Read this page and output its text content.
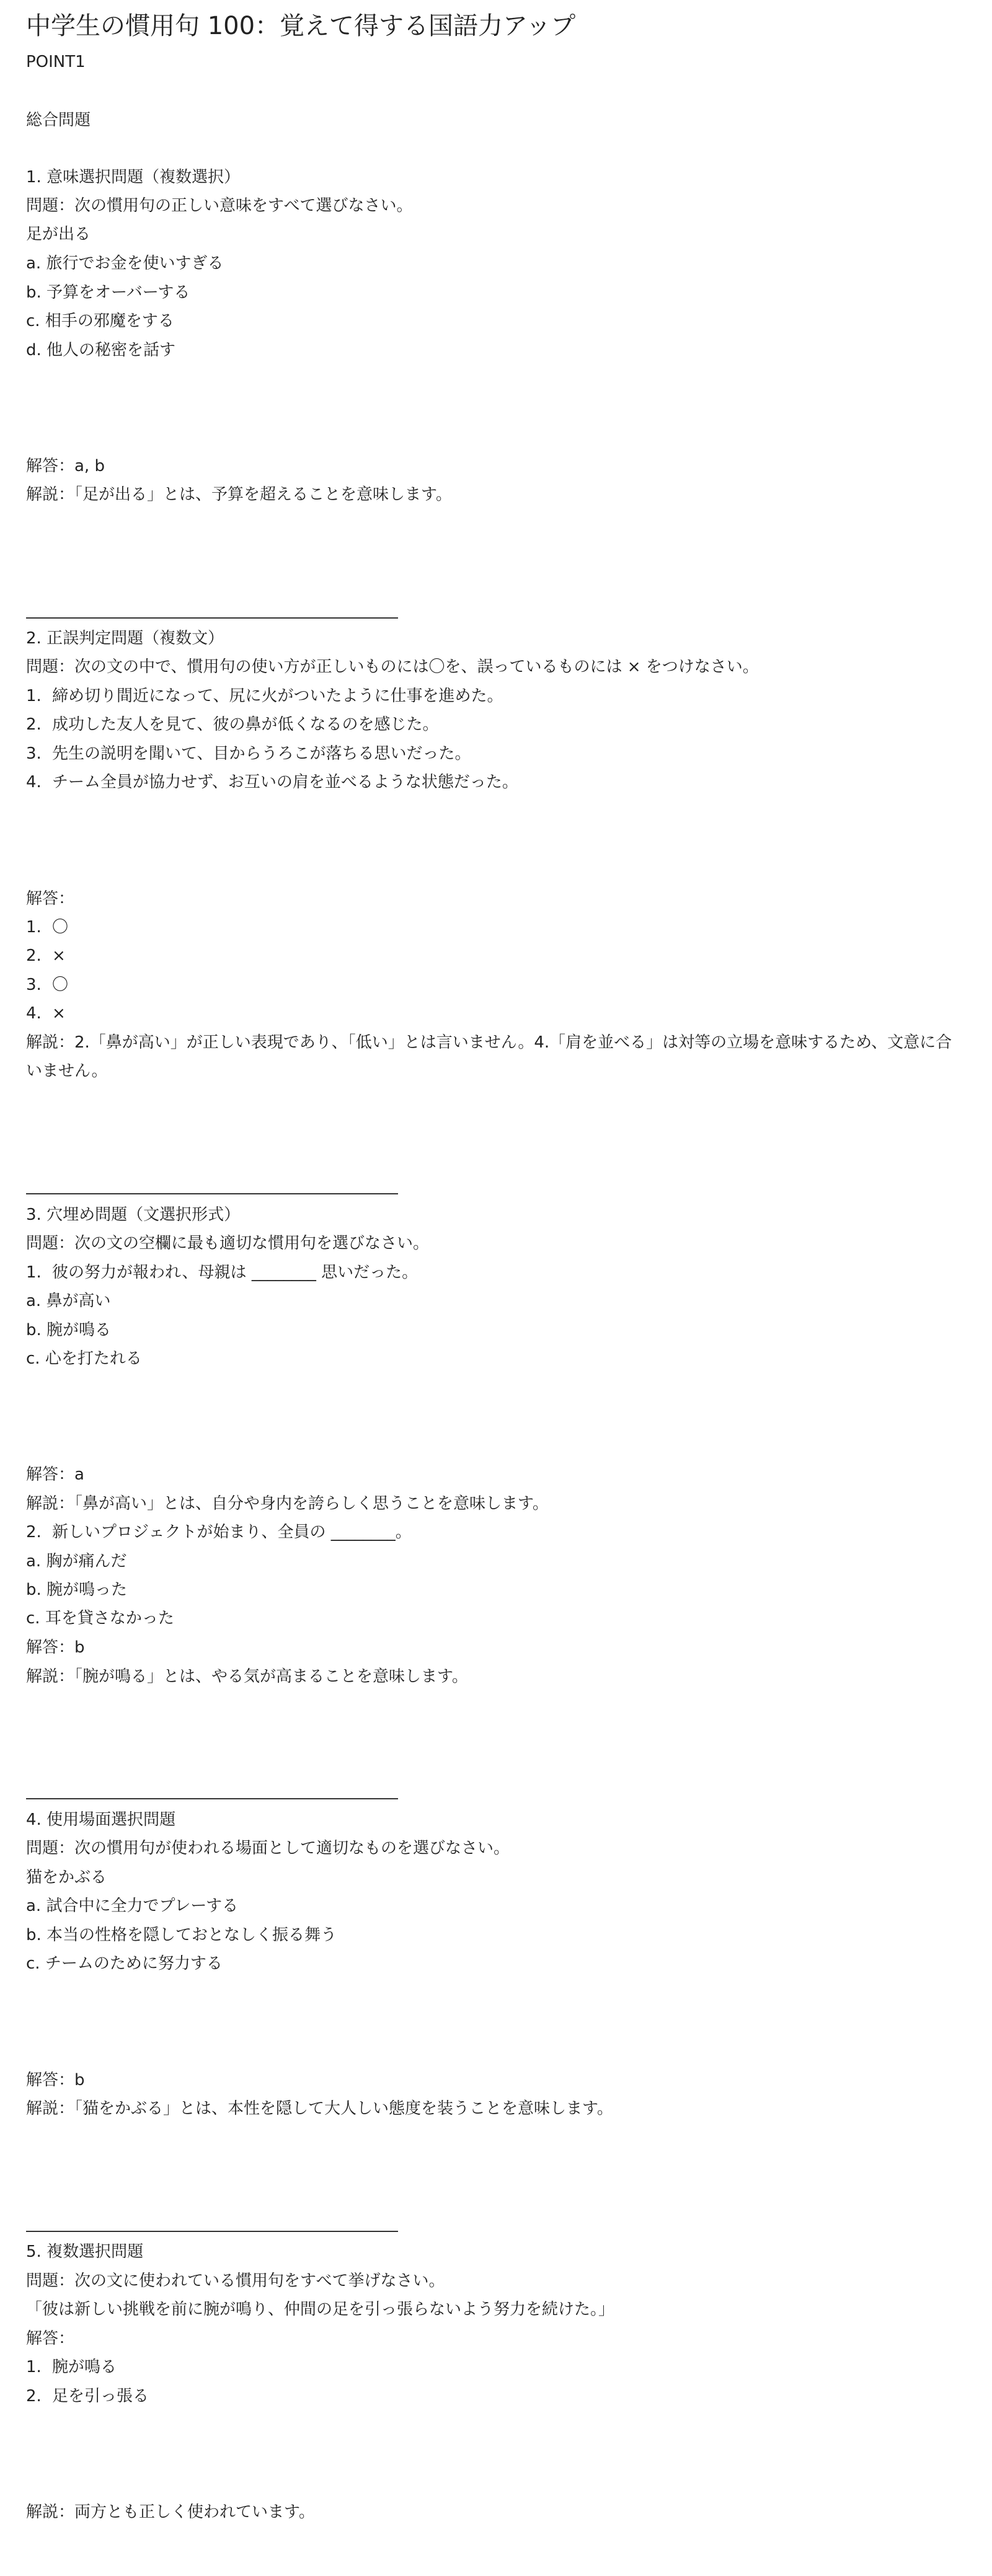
中学生の慣用句 100：覚えて得する国語力アップ
POINT1
総合問題
1. 意味選択問題（複数選択）
問題：次の慣用句の正しい意味をすべて選びなさい。
足が出る
a. 旅行でお金を使いすぎる
b. 予算をオーバーする
c. 相手の邪魔をする
d. 他人の秘密を話す
解答：a, b
解説：「足が出る」とは、予算を超えることを意味します。
2. 正誤判定問題（複数文）
問題：次の文の中で、慣用句の使い方が正しいものには〇を、誤っているものには × をつけなさい。
1. 締め切り間近になって、尻に火がついたように仕事を進めた。
2. 成功した友人を見て、彼の鼻が低くなるのを感じた。
3. 先生の説明を聞いて、目からうろこが落ちる思いだった。
4. チーム全員が協力せず、お互いの肩を並べるような状態だった。
解答：
1. 〇
2. ×
3. 〇
4. ×
解説：2.「鼻が高い」が正しい表現であり、「低い」とは言いません。4.「肩を並べる」は対等の立場を意味するため、文意に合いません。
3. 穴埋め問題（文選択形式）
問題：次の文の空欄に最も適切な慣用句を選びなさい。
1. 彼の努力が報われ、母親は ________ 思いだった。
a. 鼻が高い
b. 腕が鳴る
c. 心を打たれる
解答：a
解説：「鼻が高い」とは、自分や身内を誇らしく思うことを意味します。
2. 新しいプロジェクトが始まり、全員の ________。
a. 胸が痛んだ
b. 腕が鳴った
c. 耳を貸さなかった
解答：b
解説：「腕が鳴る」とは、やる気が高まることを意味します。
4. 使用場面選択問題
問題：次の慣用句が使われる場面として適切なものを選びなさい。
猫をかぶる
a. 試合中に全力でプレーする
b. 本当の性格を隠しておとなしく振る舞う
c. チームのために努力する
解答：b
解説：「猫をかぶる」とは、本性を隠して大人しい態度を装うことを意味します。
5. 複数選択問題
問題：次の文に使われている慣用句をすべて挙げなさい。
「彼は新しい挑戦を前に腕が鳴り、仲間の足を引っ張らないよう努力を続けた。」
解答：
1. 腕が鳴る
2. 足を引っ張る
解説：両方とも正しく使われています。
